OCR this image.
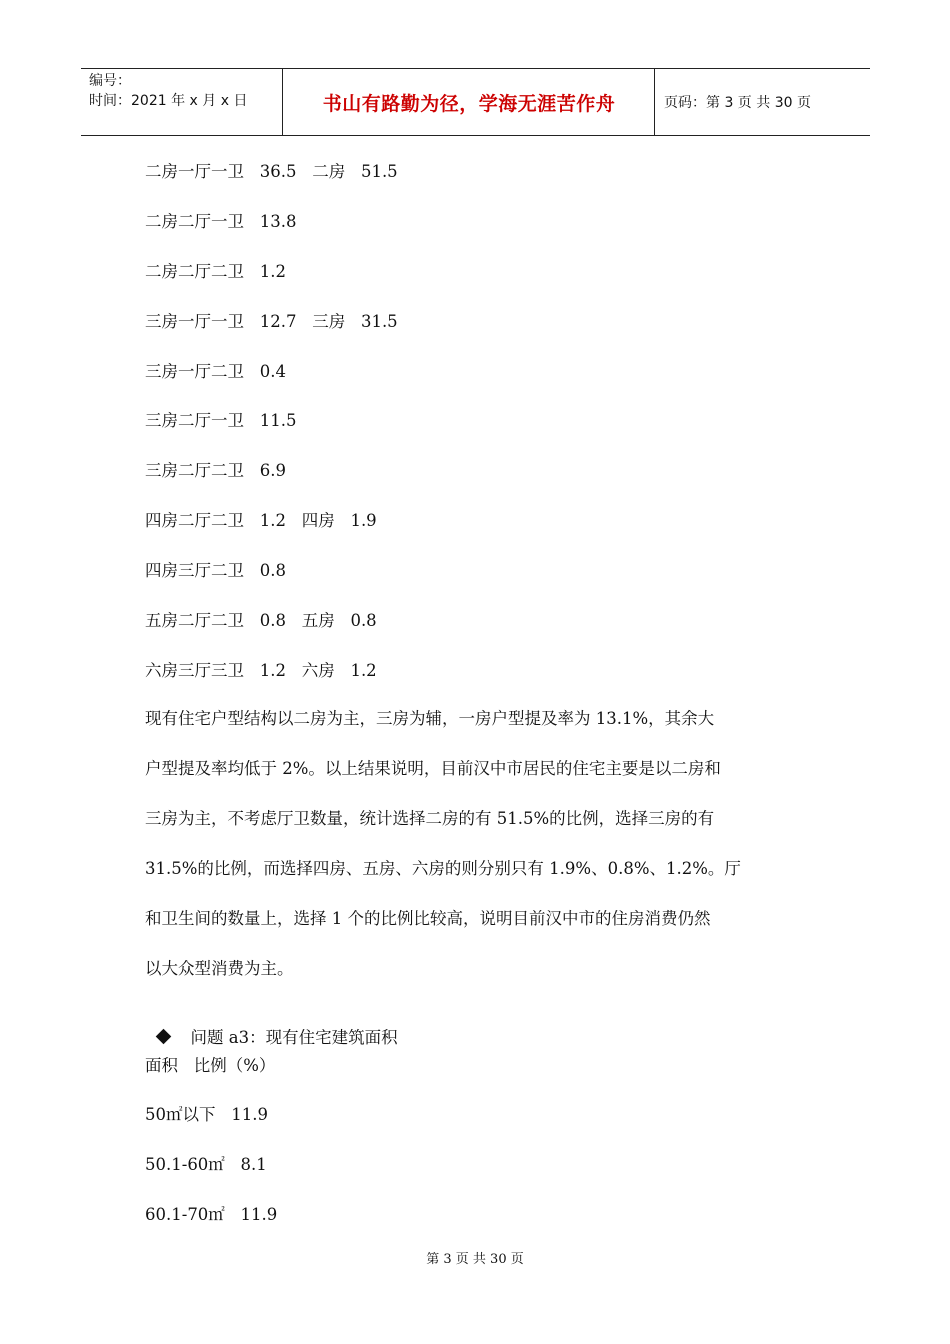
编号：
时间：2021 年 x 月 x 日	书山有路勤为径，学海无涯苦作舟	页码：第 3 页 共 30 页
二房一厅一卫   36.5   二房   51.5
二房二厅一卫   13.8
二房二厅二卫   1.2
三房一厅一卫   12.7   三房   31.5
三房一厅二卫   0.4
三房二厅一卫   11.5
三房二厅二卫   6.9
四房二厅二卫   1.2   四房   1.9
四房三厅二卫   0.8
五房二厅二卫   0.8   五房   0.8
六房三厅三卫   1.2   六房   1.2
现有住宅户型结构以二房为主，三房为辅，一房户型提及率为 13.1%，其余大
户型提及率均低于 2%。以上结果说明，目前汉中市居民的住宅主要是以二房和
三房为主，不考虑厅卫数量，统计选择二房的有 51.5%的比例，选择三房的有
31.5%的比例，而选择四房、五房、六房的则分别只有 1.9%、0.8%、1.2%。厅
和卫生间的数量上，选择 1 个的比例比较高，说明目前汉中市的住房消费仍然
以大众型消费为主。

问题 a3：现有住宅建筑面积

面积   比例（%）
50㎡以下   11.9
50.1-60㎡   8.1
60.1-70㎡   11.9
第 3 页 共 30 页
